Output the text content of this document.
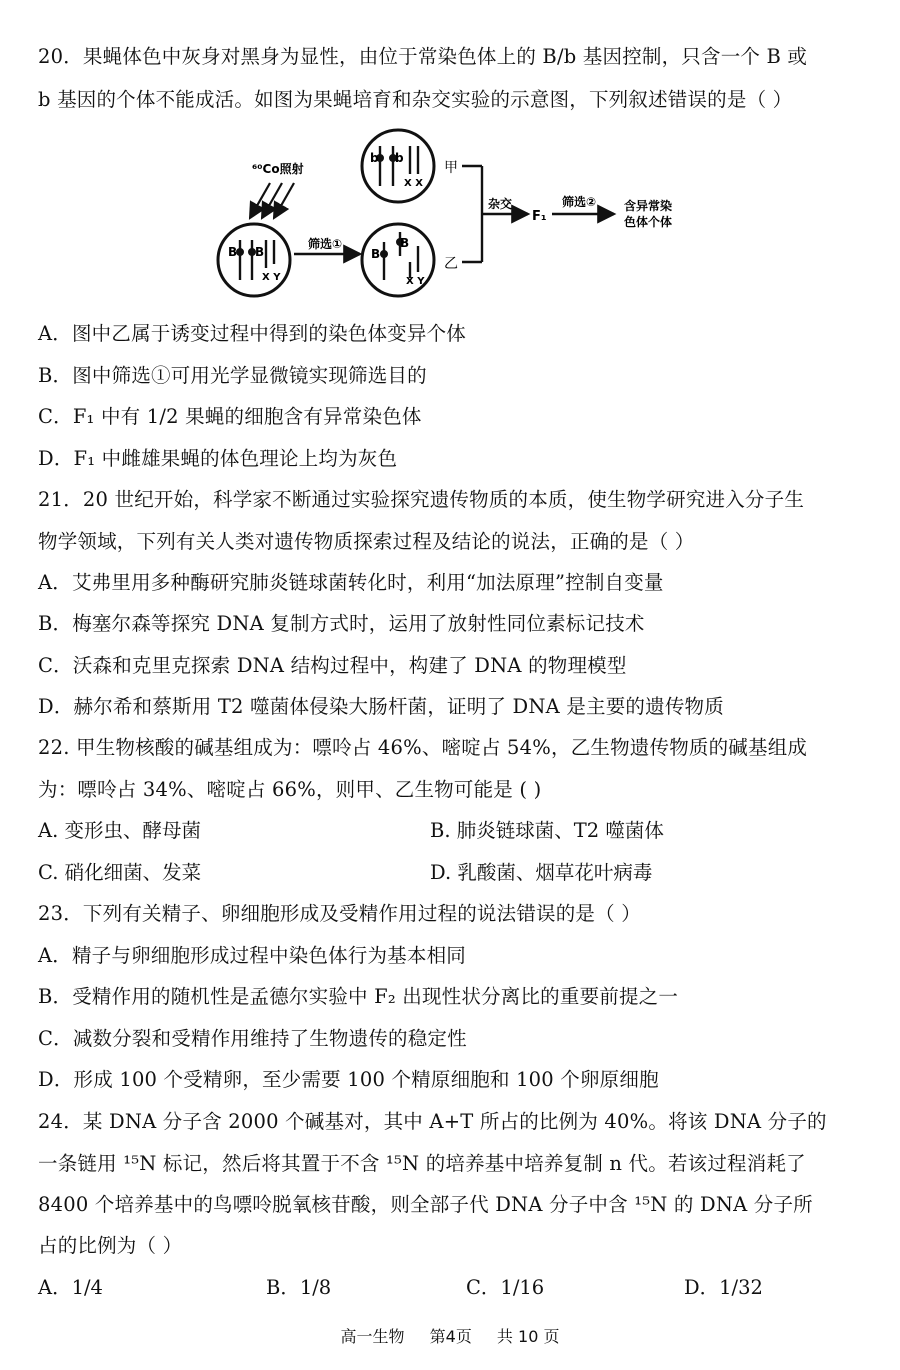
20．果蝇体色中灰身对黑身为显性，由位于常染色体上的 B/b 基因控制，只含一个 B 或
b 基因的个体不能成活。如图为果蝇培育和杂交实验的示意图，下列叙述错误的是（ ）
⁶⁰Co照射
B B
X Y
筛选①
B
B
X Y
乙
b b
X X
甲
杂交
F₁
筛选② 含异常染
色体个体
A．图中乙属于诱变过程中得到的染色体变异个体
B．图中筛选①可用光学显微镜实现筛选目的
C．F₁ 中有 1/2 果蝇的细胞含有异常染色体
D．F₁ 中雌雄果蝇的体色理论上均为灰色
21．20 世纪开始，科学家不断通过实验探究遗传物质的本质，使生物学研究进入分子生
物学领域，下列有关人类对遗传物质探索过程及结论的说法，正确的是（ ）
A．艾弗里用多种酶研究肺炎链球菌转化时，利用“加法原理”控制自变量
B．梅塞尔森等探究 DNA 复制方式时，运用了放射性同位素标记技术
C．沃森和克里克探索 DNA 结构过程中，构建了 DNA 的物理模型
D．赫尔希和蔡斯用 T2 噬菌体侵染大肠杆菌，证明了 DNA 是主要的遗传物质
22. 甲生物核酸的碱基组成为：嘌呤占 46%、嘧啶占 54%，乙生物遗传物质的碱基组成
为：嘌呤占 34%、嘧啶占 66%，则甲、乙生物可能是 ( )
A. 变形虫、酵母菌	B. 肺炎链球菌、T2 噬菌体
C. 硝化细菌、发菜	D. 乳酸菌、烟草花叶病毒
23．下列有关精子、卵细胞形成及受精作用过程的说法错误的是（ ）
A．精子与卵细胞形成过程中染色体行为基本相同
B．受精作用的随机性是孟德尔实验中 F₂ 出现性状分离比的重要前提之一
C．减数分裂和受精作用维持了生物遗传的稳定性
D．形成 100 个受精卵，至少需要 100 个精原细胞和 100 个卵原细胞
24．某 DNA 分子含 2000 个碱基对，其中 A+T 所占的比例为 40%。将该 DNA 分子的
一条链用 ¹⁵N 标记，然后将其置于不含 ¹⁵N 的培养基中培养复制 n 代。若该过程消耗了
8400 个培养基中的鸟嘌呤脱氧核苷酸，则全部子代 DNA 分子中含 ¹⁵N 的 DNA 分子所
占的比例为（ ）
A．1/4	B．1/8	C．1/16	D．1/32
高一生物 第4页 共 10 页
